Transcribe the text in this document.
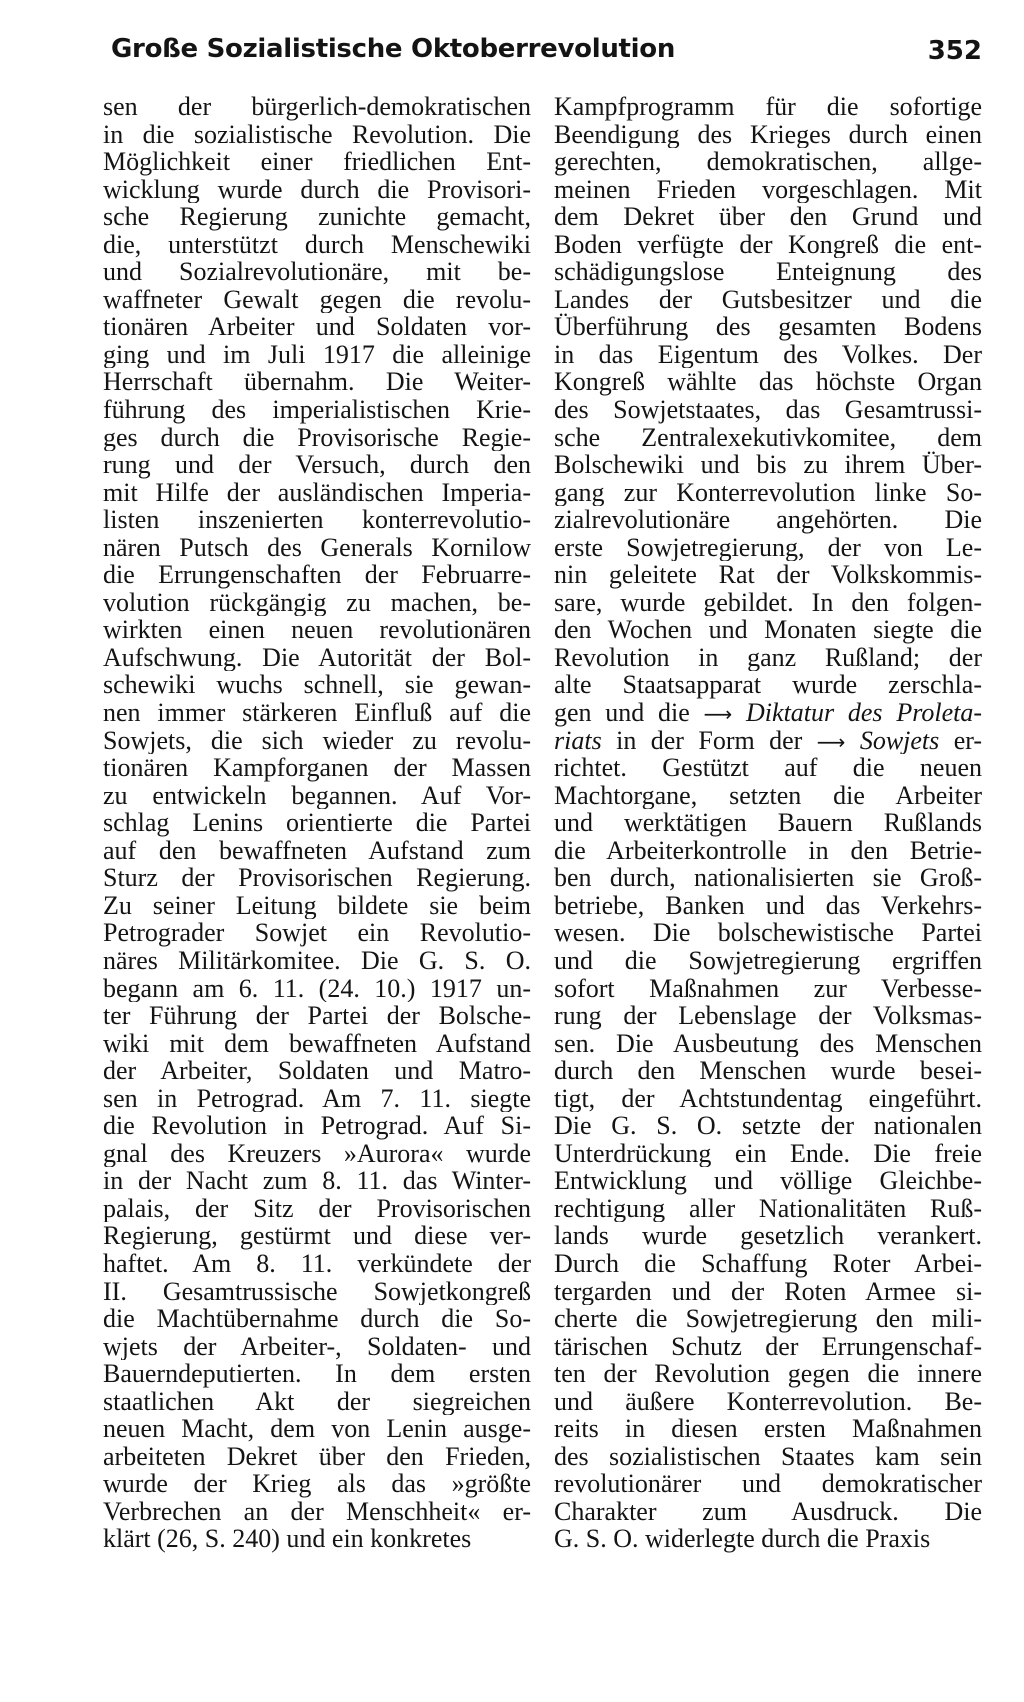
Große Sozialistische Oktoberrevolution	352
sen der bürgerlich-demokratischen
in die sozialistische Revolution. Die
Möglichkeit einer friedlichen Ent-
wicklung wurde durch die Provisori-
sche Regierung zunichte gemacht,
die, unterstützt durch Menschewiki
und Sozialrevolutionäre, mit be-
waffneter Gewalt gegen die revolu-
tionären Arbeiter und Soldaten vor-
ging und im Juli 1917 die alleinige
Herrschaft übernahm. Die Weiter-
führung des imperialistischen Krie-
ges durch die Provisorische Regie-
rung und der Versuch, durch den
mit Hilfe der ausländischen Imperia-
listen inszenierten konterrevolutio-
nären Putsch des Generals Kornilow
die Errungenschaften der Februarre-
volution rückgängig zu machen, be-
wirkten einen neuen revolutionären
Aufschwung. Die Autorität der Bol-
schewiki wuchs schnell, sie gewan-
nen immer stärkeren Einfluß auf die
Sowjets, die sich wieder zu revolu-
tionären Kampforganen der Massen
zu entwickeln begannen. Auf Vor-
schlag Lenins orientierte die Partei
auf den bewaffneten Aufstand zum
Sturz der Provisorischen Regierung.
Zu seiner Leitung bildete sie beim
Petrograder Sowjet ein Revolutio-
näres Militärkomitee. Die G. S. O.
begann am 6. 11. (24. 10.) 1917 un-
ter Führung der Partei der Bolsche-
wiki mit dem bewaffneten Aufstand
der Arbeiter, Soldaten und Matro-
sen in Petrograd. Am 7. 11. siegte
die Revolution in Petrograd. Auf Si-
gnal des Kreuzers »Aurora« wurde
in der Nacht zum 8. 11. das Winter-
palais, der Sitz der Provisorischen
Regierung, gestürmt und diese ver-
haftet. Am 8. 11. verkündete der
II. Gesamtrussische Sowjetkongreß
die Machtübernahme durch die So-
wjets der Arbeiter-, Soldaten- und
Bauerndeputierten. In dem ersten
staatlichen Akt der siegreichen
neuen Macht, dem von Lenin ausge-
arbeiteten Dekret über den Frieden,
wurde der Krieg als das »größte
Verbrechen an der Menschheit« er-
klärt (26, S. 240) und ein konkretes
Kampfprogramm für die sofortige
Beendigung des Krieges durch einen
gerechten, demokratischen, allge-
meinen Frieden vorgeschlagen. Mit
dem Dekret über den Grund und
Boden verfügte der Kongreß die ent-
schädigungslose Enteignung des
Landes der Gutsbesitzer und die
Überführung des gesamten Bodens
in das Eigentum des Volkes. Der
Kongreß wählte das höchste Organ
des Sowjetstaates, das Gesamtrussi-
sche Zentralexekutivkomitee, dem
Bolschewiki und bis zu ihrem Über-
gang zur Konterrevolution linke So-
zialrevolutionäre angehörten. Die
erste Sowjetregierung, der von Le-
nin geleitete Rat der Volkskommis-
sare, wurde gebildet. In den folgen-
den Wochen und Monaten siegte die
Revolution in ganz Rußland; der
alte Staatsapparat wurde zerschla-
gen und die ⟶ Diktatur des Proleta-
riats in der Form der ⟶ Sowjets er-
richtet. Gestützt auf die neuen
Machtorgane, setzten die Arbeiter
und werktätigen Bauern Rußlands
die Arbeiterkontrolle in den Betrie-
ben durch, nationalisierten sie Groß-
betriebe, Banken und das Verkehrs-
wesen. Die bolschewistische Partei
und die Sowjetregierung ergriffen
sofort Maßnahmen zur Verbesse-
rung der Lebenslage der Volksmas-
sen. Die Ausbeutung des Menschen
durch den Menschen wurde besei-
tigt, der Achtstundentag eingeführt.
Die G. S. O. setzte der nationalen
Unterdrückung ein Ende. Die freie
Entwicklung und völlige Gleichbe-
rechtigung aller Nationalitäten Ruß-
lands wurde gesetzlich verankert.
Durch die Schaffung Roter Arbei-
tergarden und der Roten Armee si-
cherte die Sowjetregierung den mili-
tärischen Schutz der Errungenschaf-
ten der Revolution gegen die innere
und äußere Konterrevolution. Be-
reits in diesen ersten Maßnahmen
des sozialistischen Staates kam sein
revolutionärer und demokratischer
Charakter zum Ausdruck. Die
G. S. O. widerlegte durch die Praxis
